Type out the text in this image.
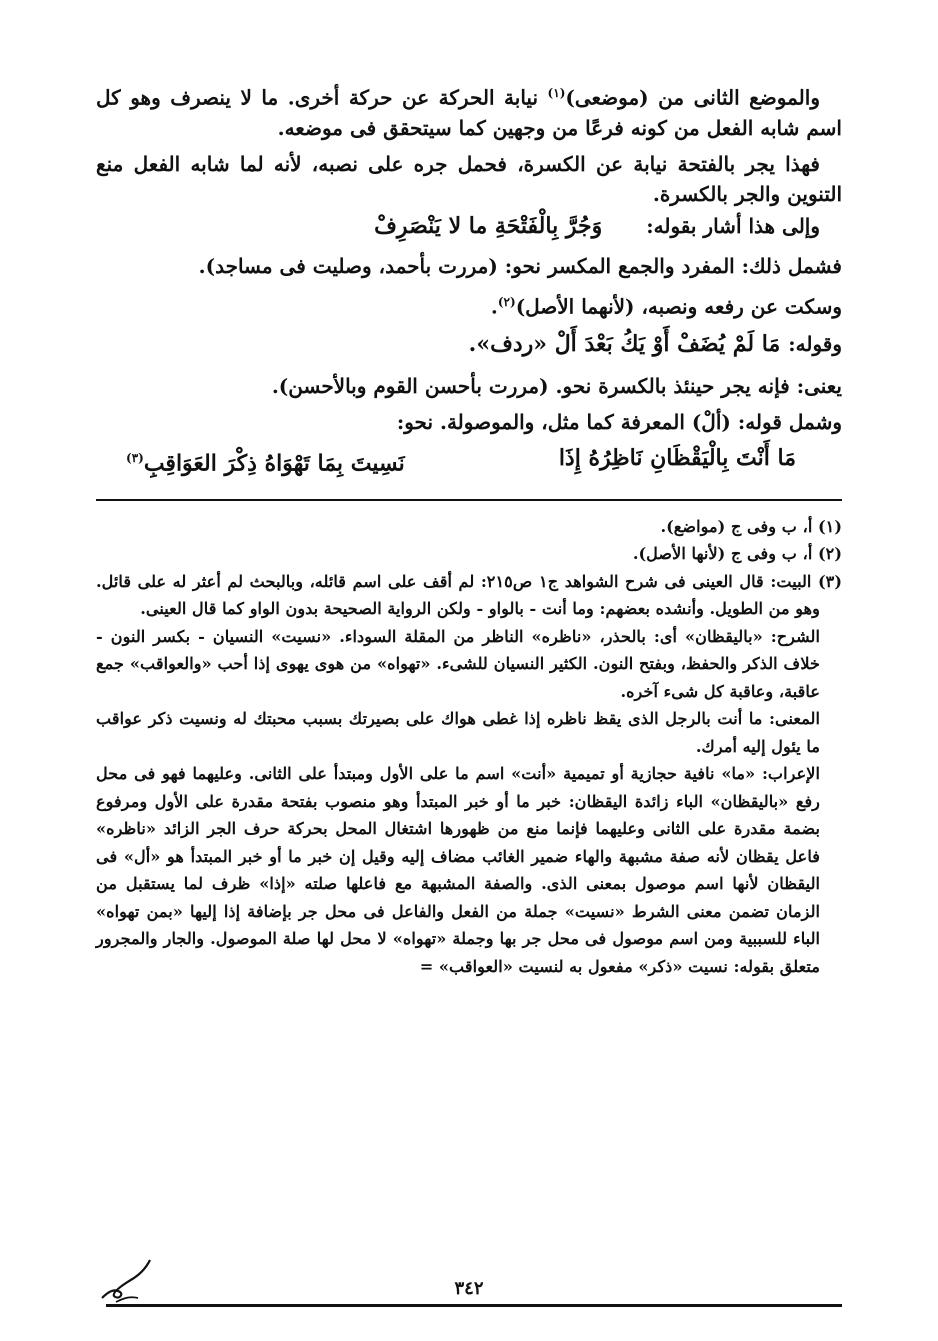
والموضع الثانى من (موضعى)$^{(١)}$ نيابة الحركة عن حركة أخرى. ما لا ينصرف وهو كل اسم شابه الفعل من كونه فرعًا من وجهين كما سيتحقق فى موضعه.

فهذا يجر بالفتحة نيابة عن الكسرة، فحمل جره على نصبه، لأنه لما شابه الفعل منع التنوين والجر بالكسرة.

وإلى هذا أشار بقوله:
وَجُرَّ بِالْفَتْحَةِ ما لا يَنْصَرِفْ

فشمل ذلك: المفرد والجمع المكسر نحو: (مررت بأحمد، وصليت فى مساجد).

وسكت عن رفعه ونصبه، (لأنهما الأصل)$^{(٢)}$.

وقوله:
مَا لَمْ يُضَفْ أَوْ يَكُ بَعْدَ أَلْ «ردف».

يعنى: فإنه يجر حينئذ بالكسرة نحو. (مررت بأحسن القوم وبالأحسن).

وشمل قوله: (ألْ) المعرفة كما مثل، والموصولة. نحو:

مَا أَنْتَ بِالْيَقْظَانِ نَاظِرُهُ إِذَا
نَسِيتَ بِمَا تَهْوَاهُ ذِكْرَ العَوَاقِبِ$^{(٣)}$

(١) أ، ب وفى ج (مواضع).

(٢) أ، ب وفى ج (لأنها الأصل).

(٣) البيت: قال العينى فى شرح الشواهد ج١ ص٢١٥: لم أقف على اسم قائله، وبالبحث لم أعثر له على قائل. وهو من الطويل. وأنشده بعضهم: وما أنت - بالواو - ولكن الرواية الصحيحة بدون الواو كما قال العينى.

الشرح: «باليقظان» أى: بالحذر، «ناظره» الناظر من المقلة السوداء. «نسيت» النسيان - بكسر النون - خلاف الذكر والحفظ، وبفتح النون. الكثير النسيان للشىء. «تهواه» من هوى يهوى إذا أحب «والعواقب» جمع عاقبة، وعاقبة كل شىء آخره.

المعنى: ما أنت بالرجل الذى يقظ ناظره إذا غطى هواك على بصيرتك بسبب محبتك له ونسيت ذكر عواقب ما يئول إليه أمرك.

الإعراب: «ما» نافية حجازية أو تميمية «أنت» اسم ما على الأول ومبتدأ على الثانى. وعليهما فهو فى محل رفع «باليقظان» الباء زائدة اليقظان: خبر ما أو خبر المبتدأ وهو منصوب بفتحة مقدرة على الأول ومرفوع بضمة مقدرة على الثانى وعليهما فإنما منع من ظهورها اشتغال المحل بحركة حرف الجر الزائد «ناظره» فاعل يقظان لأنه صفة مشبهة والهاء ضمير الغائب مضاف إليه وقيل إن خبر ما أو خبر المبتدأ هو «أل» فى اليقظان لأنها اسم موصول بمعنى الذى. والصفة المشبهة مع فاعلها صلته «إذا» ظرف لما يستقبل من الزمان تضمن معنى الشرط «نسيت» جملة من الفعل والفاعل فى محل جر بإضافة إذا إليها «بمن تهواه» الباء للسببية ومن اسم موصول فى محل جر بها وجملة «تهواه» لا محل لها صلة الموصول. والجار والمجرور متعلق بقوله: نسيت «ذكر» مفعول به لنسيت «العواقب» =

٣٤٢
